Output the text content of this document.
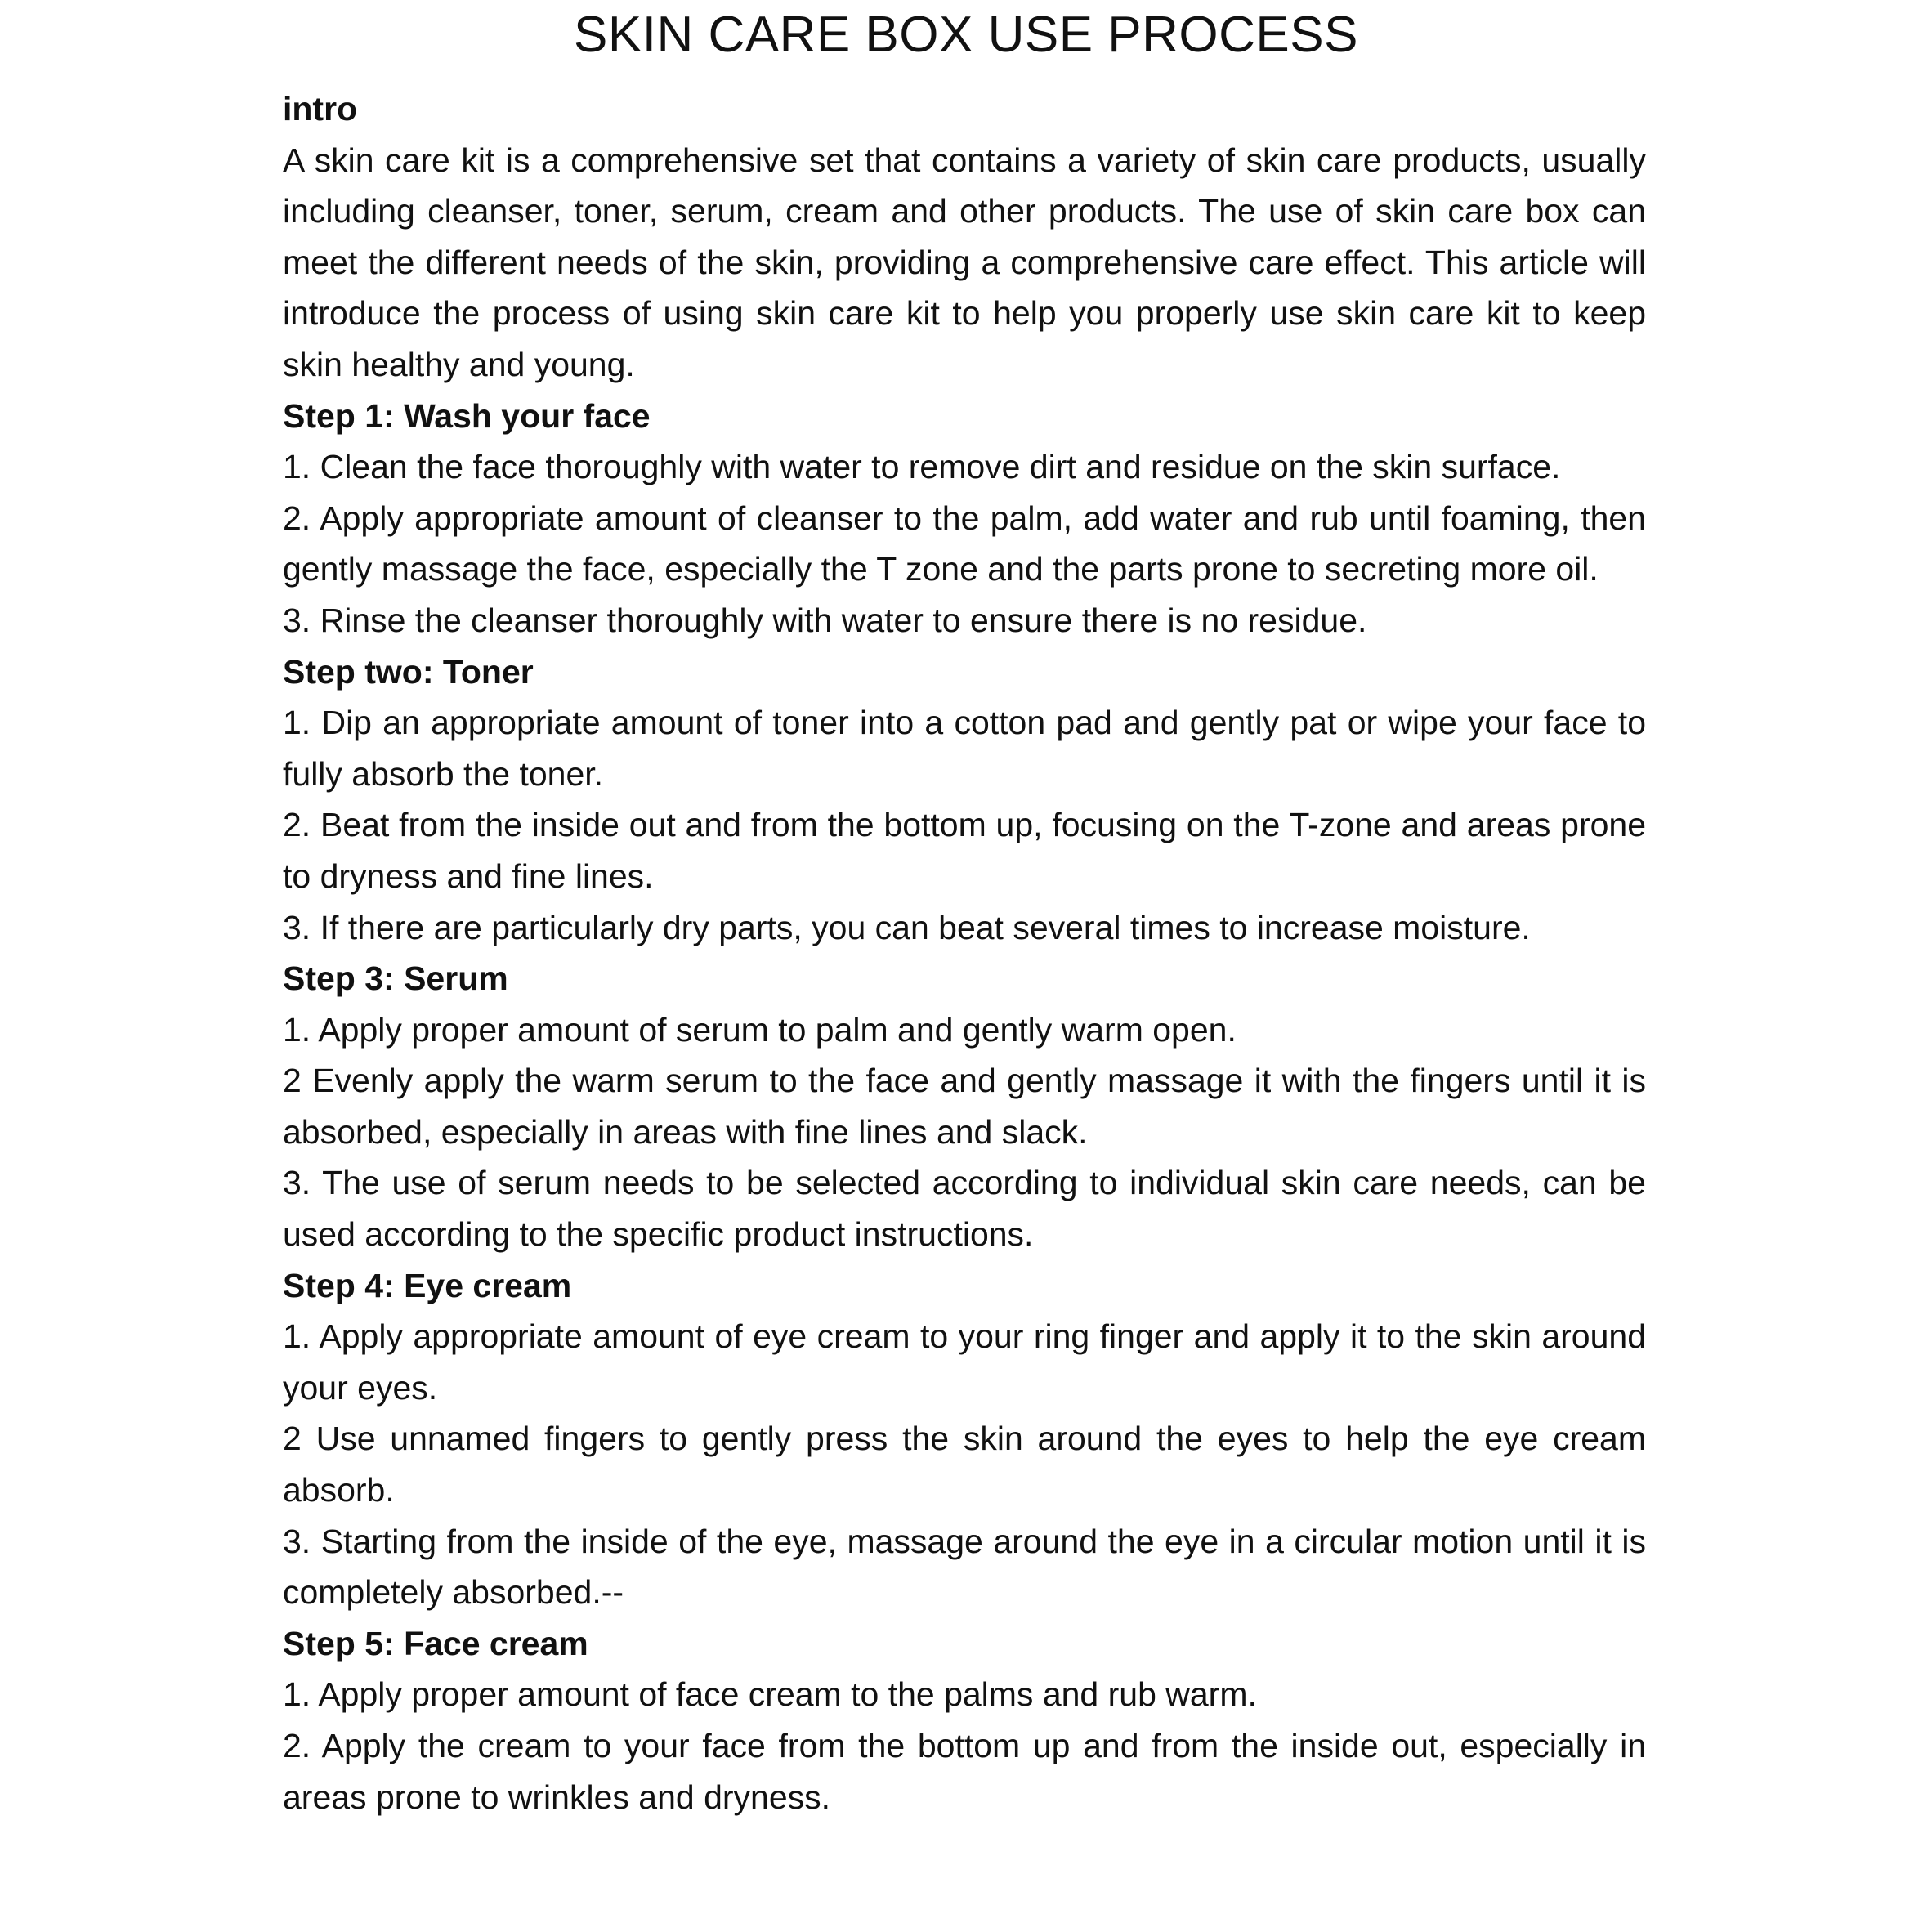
SKIN CARE BOX USE PROCESS
intro

A skin care kit is a comprehensive set that contains a variety of skin care products, usually including cleanser, toner, serum, cream and other products. The use of skin care box can meet the different needs of the skin, providing a comprehensive care effect. This article will introduce the process of using skin care kit to help you properly use skin care kit to keep skin healthy and young.

Step 1: Wash your face

1. Clean the face thoroughly with water to remove dirt and residue on the skin surface.

2. Apply appropriate amount of cleanser to the palm, add water and rub until foaming, then gently massage the face, especially the T zone and the parts prone to secreting more oil.

3. Rinse the cleanser thoroughly with water to ensure there is no residue.

Step two: Toner

1. Dip an appropriate amount of toner into a cotton pad and gently pat or wipe your face to fully absorb the toner.

2. Beat from the inside out and from the bottom up, focusing on the T-zone and areas prone to dryness and fine lines.

3. If there are particularly dry parts, you can beat several times to increase moisture.

Step 3: Serum

1. Apply proper amount of serum to palm and gently warm open.

2 Evenly apply the warm serum to the face and gently massage it with the fingers until it is absorbed, especially in areas with fine lines and slack.

3. The use of serum needs to be selected according to individual skin care needs, can be used according to the specific product instructions.

Step 4: Eye cream

1. Apply appropriate amount of eye cream to your ring finger and apply it to the skin around your eyes.

2 Use unnamed fingers to gently press the skin around the eyes to help the eye cream absorb.

3. Starting from the inside of the eye, massage around the eye in a circular motion until it is completely absorbed.--

Step 5: Face cream

1. Apply proper amount of face cream to the palms and rub warm.

2. Apply the cream to your face from the bottom up and from the inside out, especially in areas prone to wrinkles and dryness.
